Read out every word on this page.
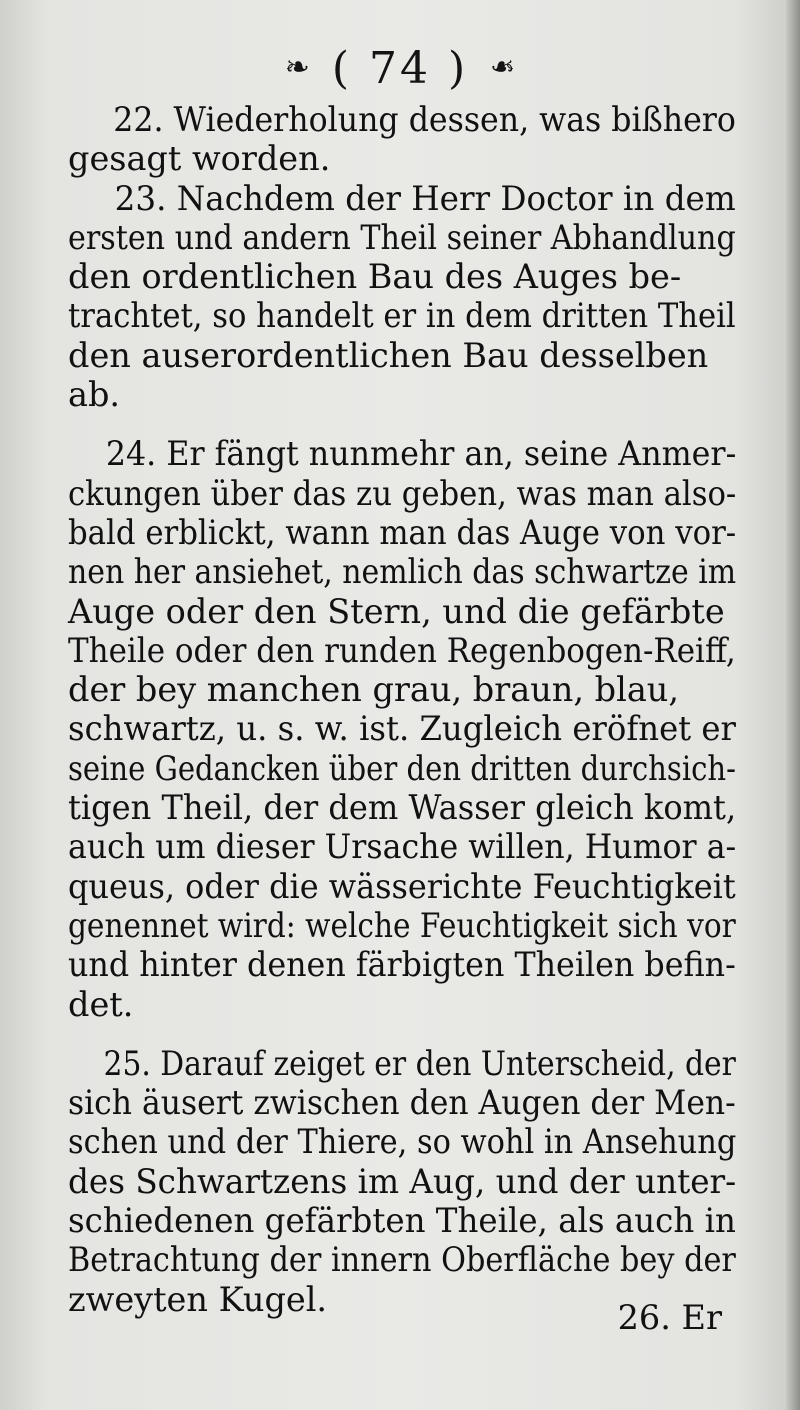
❧ ( 74 ) ❧
22. Wiederholung dessen, was bißhero
gesagt worden.
23. Nachdem der Herr Doctor in dem
ersten und andern Theil seiner Abhandlung
den ordentlichen Bau des Auges be-
trachtet, so handelt er in dem dritten Theil
den auserordentlichen Bau desselben
ab.
24. Er fängt nunmehr an, seine Anmer-
ckungen über das zu geben, was man also-
bald erblickt, wann man das Auge von vor-
nen her ansiehet, nemlich das schwartze im
Auge oder den Stern, und die gefärbte
Theile oder den runden Regenbogen-Reiff,
der bey manchen grau, braun, blau,
schwartz, u. s. w. ist. Zugleich eröfnet er
seine Gedancken über den dritten durchsich-
tigen Theil, der dem Wasser gleich komt,
auch um dieser Ursache willen, Humor a-
queus, oder die wässerichte Feuchtigkeit
genennet wird: welche Feuchtigkeit sich vor
und hinter denen färbigten Theilen befin-
det.
25. Darauf zeiget er den Unterscheid, der
sich äusert zwischen den Augen der Men-
schen und der Thiere, so wohl in Ansehung
des Schwartzens im Aug, und der unter-
schiedenen gefärbten Theile, als auch in
Betrachtung der innern Oberfläche bey der
zweyten Kugel.	26. Er
